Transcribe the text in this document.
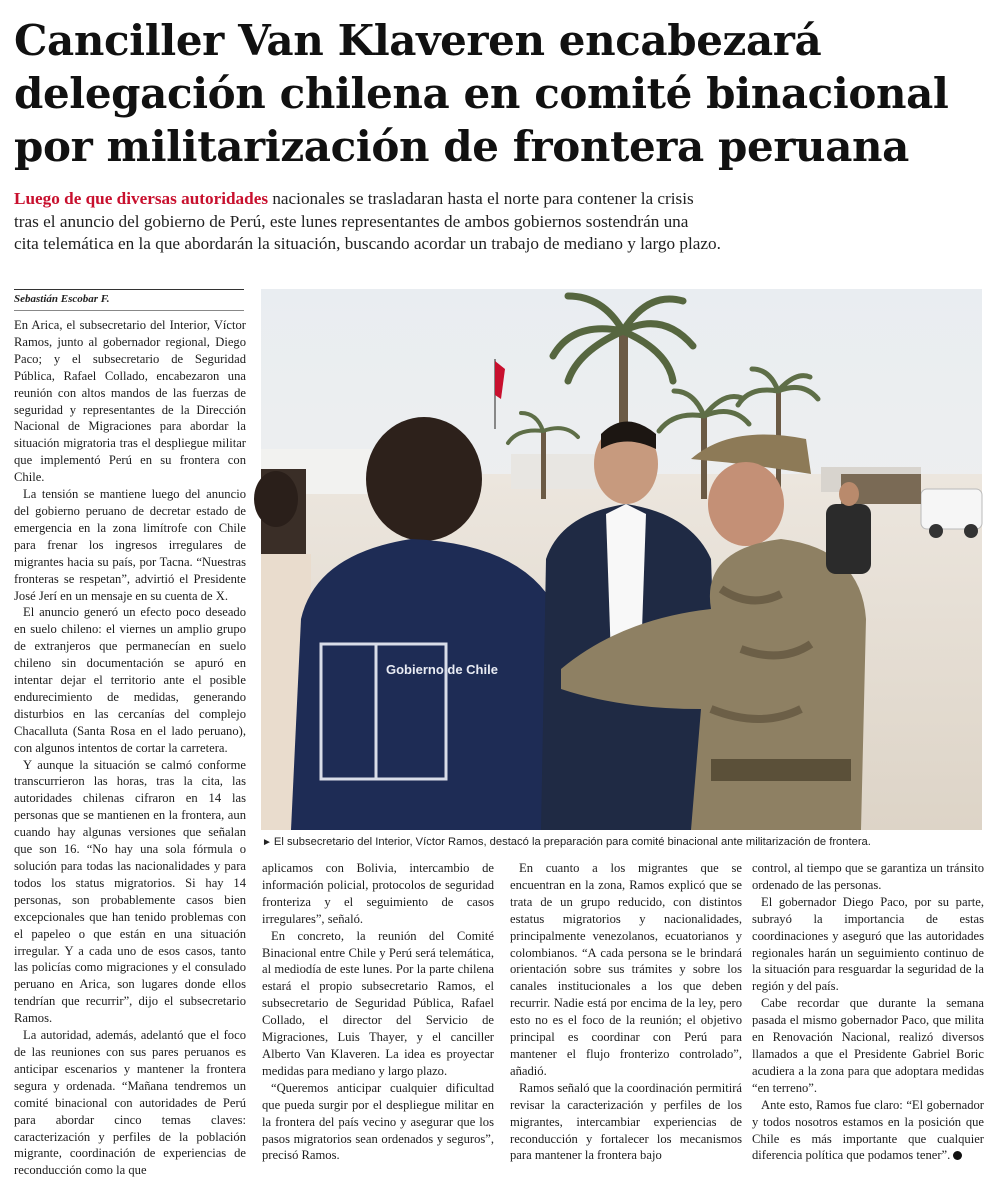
Canciller Van Klaveren encabezará
delegación chilena en comité binacional
por militarización de frontera peruana
Luego de que diversas autoridades nacionales se trasladaran hasta el norte para contener la crisis
tras el anuncio del gobierno de Perú, este lunes representantes de ambos gobiernos sostendrán una
cita telemática en la que abordarán la situación, buscando acordar un trabajo de mediano y largo plazo.
Sebastián Escobar F.

En Arica, el subsecretario del Interior, Víctor Ramos, junto al gobernador regional, Diego Paco; y el subsecretario de Seguridad Pública, Rafael Collado, encabezaron una reunión con altos mandos de las fuerzas de seguridad y representantes de la Dirección Nacional de Migraciones para abordar la situación migratoria tras el despliegue militar que implementó Perú en su frontera con Chile.

La tensión se mantiene luego del anuncio del gobierno peruano de decretar estado de emergencia en la zona limítrofe con Chile para frenar los ingresos irregulares de migrantes hacia su país, por Tacna. “Nuestras fronteras se respetan”, advirtió el Presidente José Jerí en un mensaje en su cuenta de X.

El anuncio generó un efecto poco deseado en suelo chileno: el viernes un amplio grupo de extranjeros que permanecían en suelo chileno sin documentación se apuró en intentar dejar el territorio ante el posible endurecimiento de medidas, generando disturbios en las cercanías del complejo Chacalluta (Santa Rosa en el lado peruano), con algunos intentos de cortar la carretera.

Y aunque la situación se calmó conforme transcurrieron las horas, tras la cita, las autoridades chilenas cifraron en 14 las personas que se mantienen en la frontera, aun cuando hay algunas versiones que señalan que son 16. “No hay una sola fórmula o solución para todas las nacionalidades y para todos los status migratorios. Si hay 14 personas, son probablemente casos bien excepcionales que han tenido problemas con el papeleo o que están en una situación irregular. Y a cada uno de esos casos, tanto las policías como migraciones y el consulado peruano en Arica, son lugares donde ellos tendrían que recurrir”, dijo el subsecretario Ramos.

La autoridad, además, adelantó que el foco de las reuniones con sus pares peruanos es anticipar escenarios y mantener la frontera segura y ordenada. “Mañana tendremos un comité binacional con autoridades de Perú para abordar cinco temas claves: caracterización y perfiles de la población migrante, coordinación de experiencias de reconducción como la que

Gobierno de Chile
► El subsecretario del Interior, Víctor Ramos, destacó la preparación para comité binacional ante militarización de frontera.

aplicamos con Bolivia, intercambio de información policial, protocolos de seguridad fronteriza y el seguimiento de casos irregulares”, señaló.

En concreto, la reunión del Comité Binacional entre Chile y Perú será telemática, al mediodía de este lunes. Por la parte chilena estará el propio subsecretario Ramos, el subsecretario de Seguridad Pública, Rafael Collado, el director del Servicio de Migraciones, Luis Thayer, y el canciller Alberto Van Klaveren. La idea es proyectar medidas para mediano y largo plazo.

“Queremos anticipar cualquier dificultad que pueda surgir por el despliegue militar en la frontera del país vecino y asegurar que los pasos migratorios sean ordenados y seguros”, precisó Ramos.

En cuanto a los migrantes que se encuentran en la zona, Ramos explicó que se trata de un grupo reducido, con distintos estatus migratorios y nacionalidades, principalmente venezolanos, ecuatorianos y colombianos. “A cada persona se le brindará orientación sobre sus trámites y sobre los canales institucionales a los que deben recurrir. Nadie está por encima de la ley, pero esto no es el foco de la reunión; el objetivo principal es coordinar con Perú para mantener el flujo fronterizo controlado”, añadió.

Ramos señaló que la coordinación permitirá revisar la caracterización y perfiles de los migrantes, intercambiar experiencias de reconducción y fortalecer los mecanismos para mantener la frontera bajo

control, al tiempo que se garantiza un tránsito ordenado de las personas.

El gobernador Diego Paco, por su parte, subrayó la importancia de estas coordinaciones y aseguró que las autoridades regionales harán un seguimiento continuo de la situación para resguardar la seguridad de la región y del país.

Cabe recordar que durante la semana pasada el mismo gobernador Paco, que milita en Renovación Nacional, realizó diversos llamados a que el Presidente Gabriel Boric acudiera a la zona para que adoptara medidas “en terreno”.

Ante esto, Ramos fue claro: “El gobernador y todos nosotros estamos en la posición que Chile es más importante que cualquier diferencia política que podamos tener”.
